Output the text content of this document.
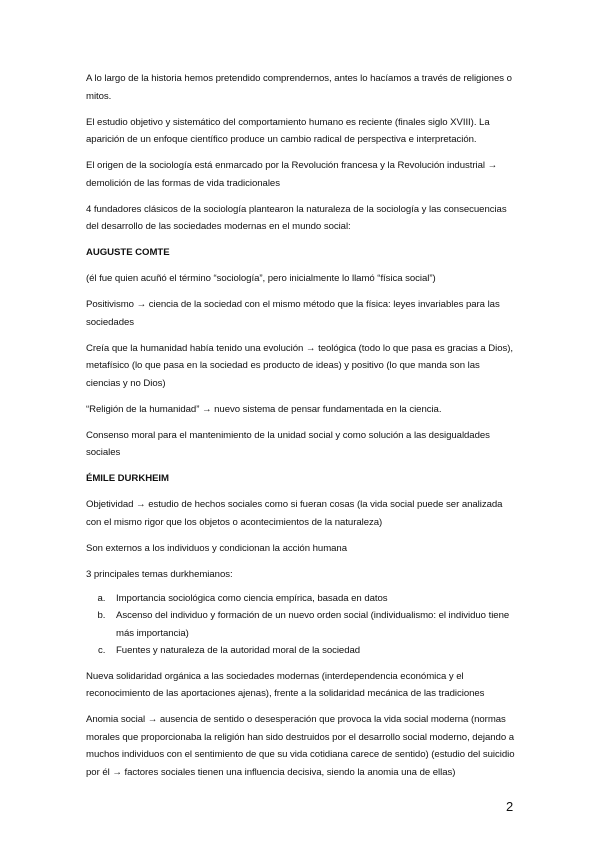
A lo largo de la historia hemos pretendido comprendernos, antes lo hacíamos a través de religiones o mitos.

El estudio objetivo y sistemático del comportamiento humano es reciente (finales siglo XVIII). La aparición de un enfoque científico produce un cambio radical de perspectiva e interpretación.

El origen de la sociología está enmarcado por la Revolución francesa y la Revolución industrial → demolición de las formas de vida tradicionales

4 fundadores clásicos de la sociología plantearon la naturaleza de la sociología y las consecuencias del desarrollo de las sociedades modernas en el mundo social:

AUGUSTE COMTE

(él fue quien acuñó el término “sociología”, pero inicialmente lo llamó “física social”)

Positivismo → ciencia de la sociedad con el mismo método que la física: leyes invariables para las sociedades

Creía que la humanidad había tenido una evolución → teológica (todo lo que pasa es gracias a Dios), metafísico (lo que pasa en la sociedad es producto de ideas) y positivo (lo que manda son las ciencias y no Dios)

“Religión de la humanidad” → nuevo sistema de pensar fundamentada en la ciencia.

Consenso moral para el mantenimiento de la unidad social y como solución a las desigualdades sociales

ÉMILE DURKHEIM

Objetividad → estudio de hechos sociales como si fueran cosas (la vida social puede ser analizada con el mismo rigor que los objetos o acontecimientos de la naturaleza)

Son externos a los individuos y condicionan la acción humana

3 principales temas durkhemianos:

a. Importancia sociológica como ciencia empírica, basada en datos
b. Ascenso del individuo y formación de un nuevo orden social (individualismo: el individuo tiene más importancia)
c. Fuentes y naturaleza de la autoridad moral de la sociedad

Nueva solidaridad orgánica a las sociedades modernas (interdependencia económica y el reconocimiento de las aportaciones ajenas), frente a la solidaridad mecánica de las tradiciones

Anomia social → ausencia de sentido o desesperación que provoca la vida social moderna (normas morales que proporcionaba la religión han sido destruidos por el desarrollo social moderno, dejando a muchos individuos con el sentimiento de que su vida cotidiana carece de sentido) (estudio del suicidio por él → factores sociales tienen una influencia decisiva, siendo la anomia una de ellas)

2
